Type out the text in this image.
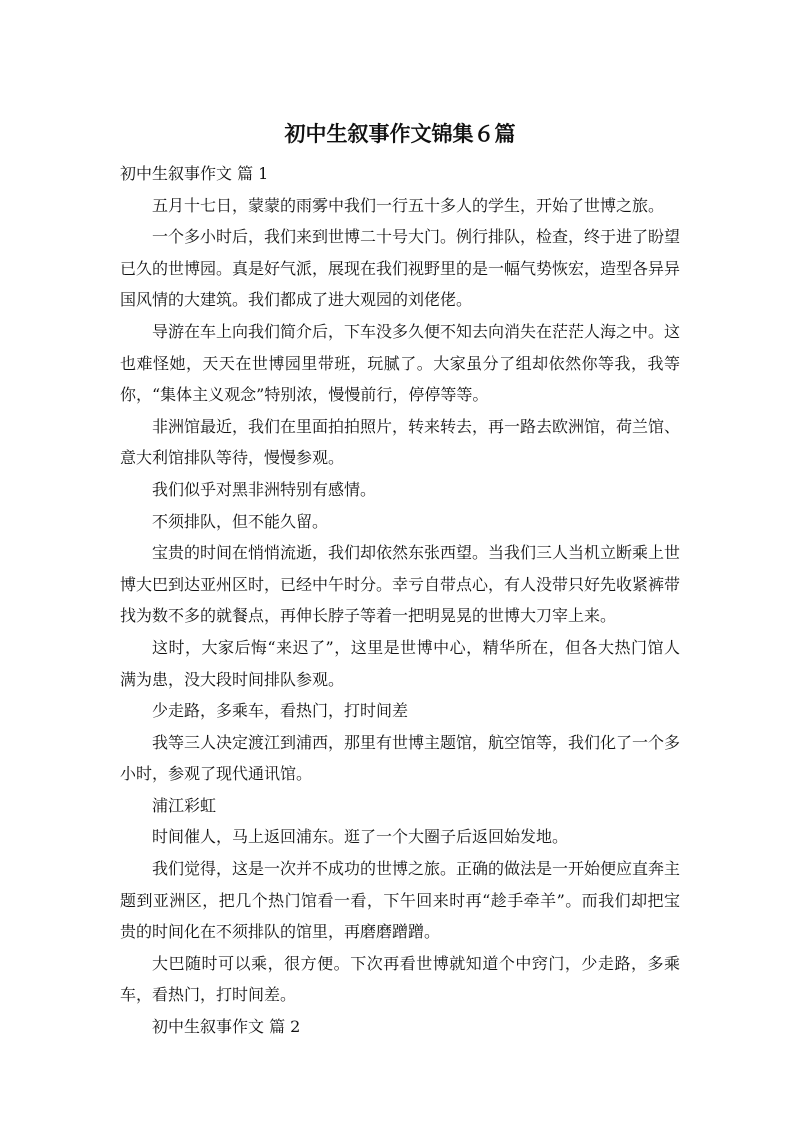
初中生叙事作文锦集６篇

初中生叙事作文 篇 1

五月十七日，蒙蒙的雨雾中我们一行五十多人的学生，开始了世博之旅。

一个多小时后，我们来到世博二十号大门。例行排队，检查，终于进了盼望已久的世博园。真是好气派，展现在我们视野里的是一幅气势恢宏，造型各异异国风情的大建筑。我们都成了进大观园的刘佬佬。

导游在车上向我们简介后，下车没多久便不知去向消失在茫茫人海之中。这也难怪她，天天在世博园里带班，玩腻了。大家虽分了组却依然你等我，我等你，“集体主义观念”特别浓，慢慢前行，停停等等。

非洲馆最近，我们在里面拍拍照片，转来转去，再一路去欧洲馆，荷兰馆、意大利馆排队等待，慢慢参观。

我们似乎对黑非洲特别有感情。

不须排队，但不能久留。

宝贵的时间在悄悄流逝，我们却依然东张西望。当我们三人当机立断乘上世博大巴到达亚州区时，已经中午时分。幸亏自带点心，有人没带只好先收紧裤带找为数不多的就餐点，再伸长脖子等着一把明晃晃的世博大刀宰上来。

这时，大家后悔“来迟了”，这里是世博中心，精华所在，但各大热门馆人满为患，没大段时间排队参观。

少走路，多乘车，看热门，打时间差

我等三人决定渡江到浦西，那里有世博主题馆，航空馆等，我们化了一个多小时，参观了现代通讯馆。

浦江彩虹

时间催人，马上返回浦东。逛了一个大圈子后返回始发地。

我们觉得，这是一次并不成功的世博之旅。正确的做法是一开始便应直奔主题到亚洲区，把几个热门馆看一看，下午回来时再“趁手牵羊”。而我们却把宝贵的时间化在不须排队的馆里，再磨磨蹭蹭。

大巴随时可以乘，很方便。下次再看世博就知道个中窍门，少走路，多乘车，看热门，打时间差。

初中生叙事作文 篇 2
